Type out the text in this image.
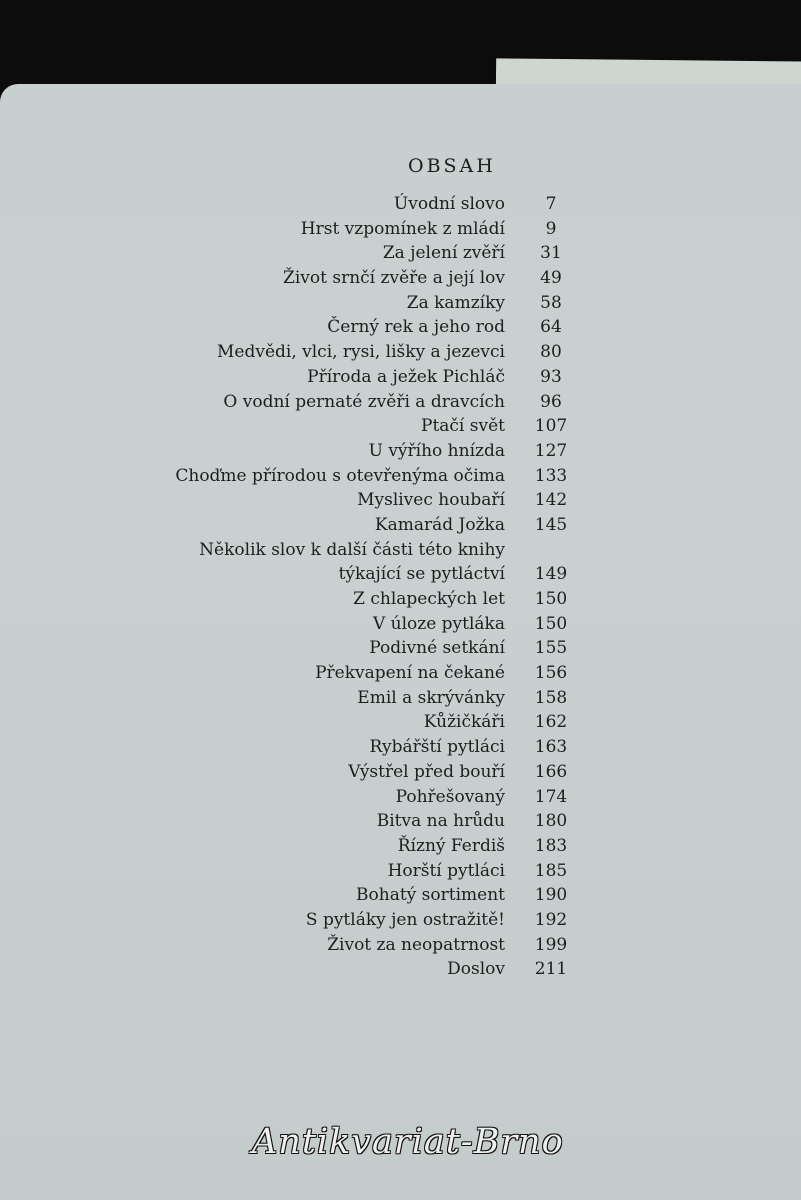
OBSAH
Úvodní slovo	7
Hrst vzpomínek z mládí	9
Za jelení zvěří	31
Život srnčí zvěře a její lov	49
Za kamzíky	58
Černý rek a jeho rod	64
Medvědi, vlci, rysi, lišky a jezevci	80
Příroda a ježek Pichláč	93
O vodní pernaté zvěři a dravcích	96
Ptačí svět	107
U výřího hnízda	127
Choďme přírodou s otevřenýma očima	133
Myslivec houbaří	142
Kamarád Jožka	145
Několik slov k další části této knihy
týkající se pytláctví	149
Z chlapeckých let	150
V úloze pytláka	150
Podivné setkání	155
Překvapení na čekané	156
Emil a skrývánky	158
Kůžičkáři	162
Rybářští pytláci	163
Výstřel před bouří	166
Pohřešovaný	174
Bitva na hrůdu	180
Řízný Ferdiš	183
Horští pytláci	185
Bohatý sortiment	190
S pytláky jen ostražitě!	192
Život za neopatrnost	199
Doslov	211
Antikvariat-Brno
